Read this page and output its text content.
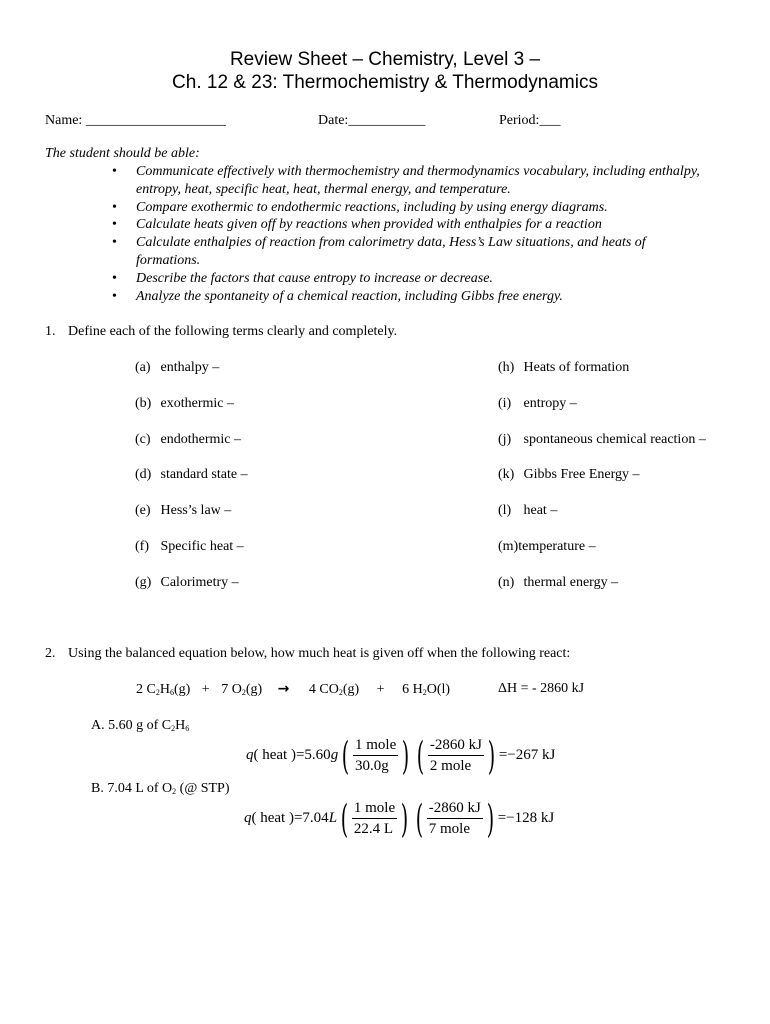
Review Sheet – Chemistry, Level 3 –
Ch. 12 & 23: Thermochemistry & Thermodynamics
Name: ____________________	Date:___________	Period:___
The student should be able:
• Communicate effectively with thermochemistry and thermodynamics vocabulary, including enthalpy, entropy, heat, specific heat, heat, thermal energy, and temperature.
• Compare exothermic to endothermic reactions, including by using energy diagrams.
• Calculate heats given off by reactions when provided with enthalpies for a reaction
• Calculate enthalpies of reaction from calorimetry data, Hess’s Law situations, and heats of formations.
• Describe the factors that cause entropy to increase or decrease.
• Analyze the spontaneity of a chemical reaction, including Gibbs free energy.
1. Define each of the following terms clearly and completely.
(a) enthalpy –
(b) exothermic –
(c) endothermic –
(d) standard state –
(e) Hess’s law –
(f) Specific heat –
(g) Calorimetry –
(h) Heats of formation
(i) entropy –
(j) spontaneous chemical reaction –
(k) Gibbs Free Energy –
(l) heat –
(m)temperature –
(n) thermal energy –
2. Using the balanced equation below, how much heat is given off when the following react:
2 $C_2H_6(g) + 7$ $O_2(g) \to 4$ $CO_2(g) + 6$ $H_2O(l)$	ΔH = - 2860 kJ
A. 5.60 g of $C_2H_6$
q( heat )$=5.60g( \frac{\text{1 mole}}{30.0g}$ ) ( $\frac{-2860 kJ}{\text{2 mole}}$ ) =−267 kJ
B. 7.04 L of $O_2$ (@ STP)
q( heat )$=7.04L( \frac{\text{1 mole}}{22.4 L}$ ) ( $\frac{-2860 kJ}{\text{7 mole}}$ ) =−128 kJ
